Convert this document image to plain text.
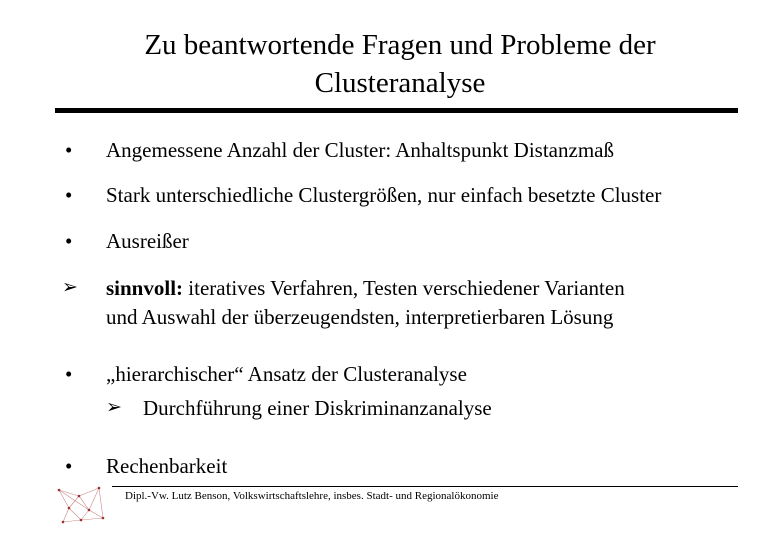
Zu beantwortende Fragen und Probleme der
Clusteranalyse
• Angemessene Anzahl der Cluster: Anhaltspunkt Distanzmaß
• Stark unterschiedliche Clustergrößen, nur einfach besetzte Cluster
• Ausreißer
➢ sinnvoll: iteratives Verfahren, Testen verschiedener Varianten
und Auswahl der überzeugendsten, interpretierbaren Lösung
• „hierarchischer“ Ansatz der Clusteranalyse
➢ Durchführung einer Diskriminanzanalyse
• Rechenbarkeit
Dipl.-Vw. Lutz Benson, Volkswirtschaftslehre, insbes. Stadt- und Regionalökonomie
